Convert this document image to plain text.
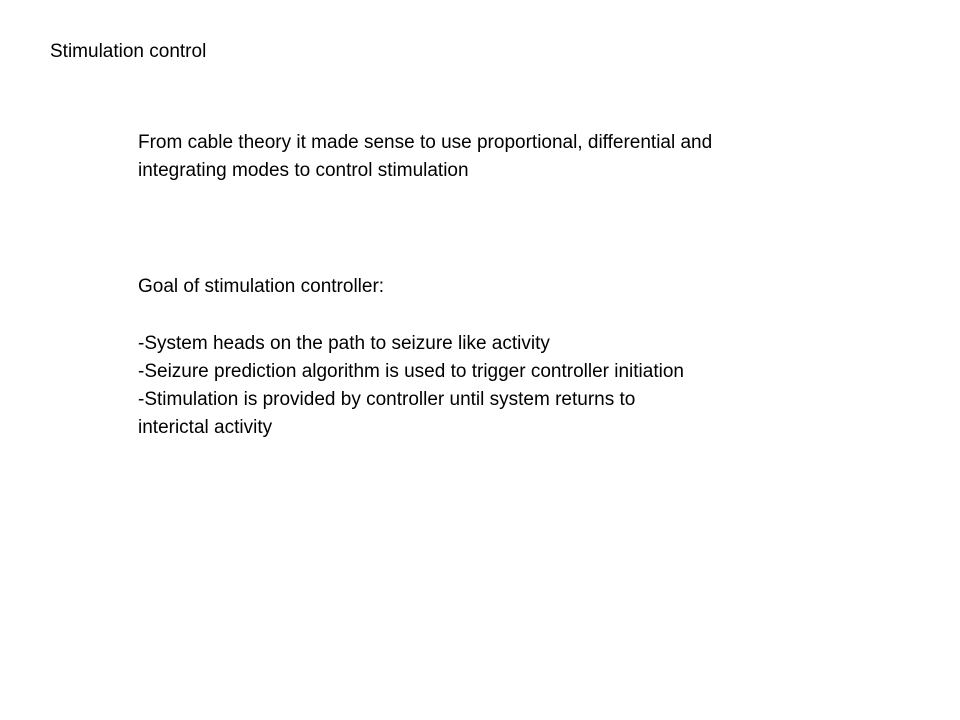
Stimulation control
From cable theory it made sense to use proportional, differential and
integrating modes to control stimulation
Goal of stimulation controller:
-System heads on the path to seizure like activity
-Seizure prediction algorithm is used to trigger controller initiation
-Stimulation is provided by controller until system returns to
interictal activity
